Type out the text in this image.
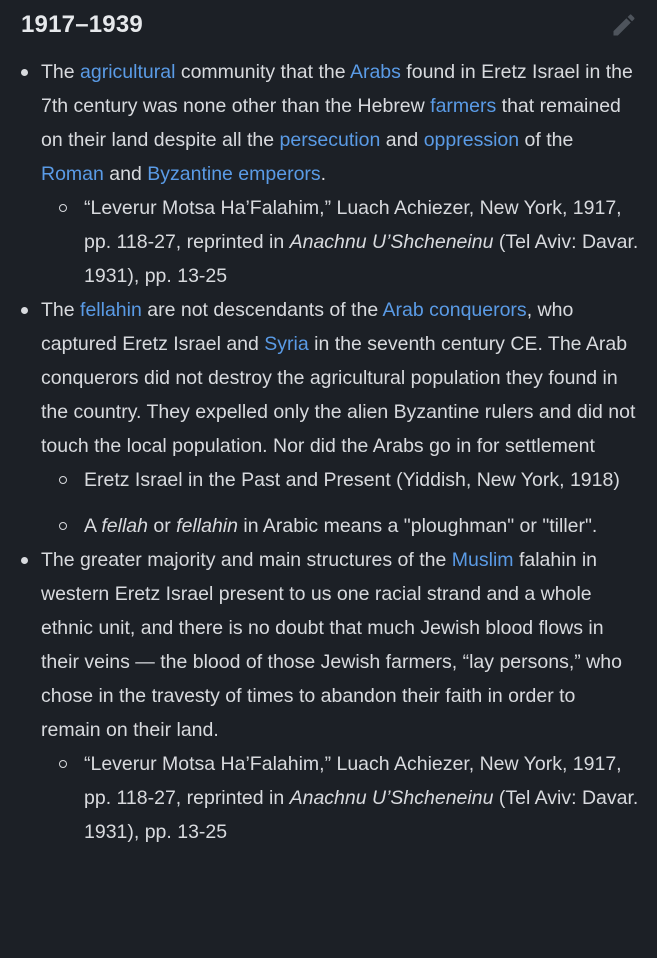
1917–1939
The agricultural community that the Arabs found in Eretz Israel in the 7th century was none other than the Hebrew farmers that remained on their land despite all the persecution and oppression of the Roman and Byzantine emperors.
“Leverur Motsa Ha’Falahim,” Luach Achiezer, New York, 1917, pp. 118-27, reprinted in Anachnu U’Shcheneinu (Tel Aviv: Davar. 1931), pp. 13-25
The fellahin are not descendants of the Arab conquerors, who captured Eretz Israel and Syria in the seventh century CE. The Arab conquerors did not destroy the agricultural population they found in the country. They expelled only the alien Byzantine rulers and did not touch the local population. Nor did the Arabs go in for settlement
Eretz Israel in the Past and Present (Yiddish, New York, 1918)
A fellah or fellahin in Arabic means a "ploughman" or "tiller".
The greater majority and main structures of the Muslim falahin in western Eretz Israel present to us one racial strand and a whole ethnic unit, and there is no doubt that much Jewish blood flows in their veins — the blood of those Jewish farmers, “lay persons,” who chose in the travesty of times to abandon their faith in order to remain on their land.
“Leverur Motsa Ha’Falahim,” Luach Achiezer, New York, 1917, pp. 118-27, reprinted in Anachnu U’Shcheneinu (Tel Aviv: Davar. 1931), pp. 13-25
